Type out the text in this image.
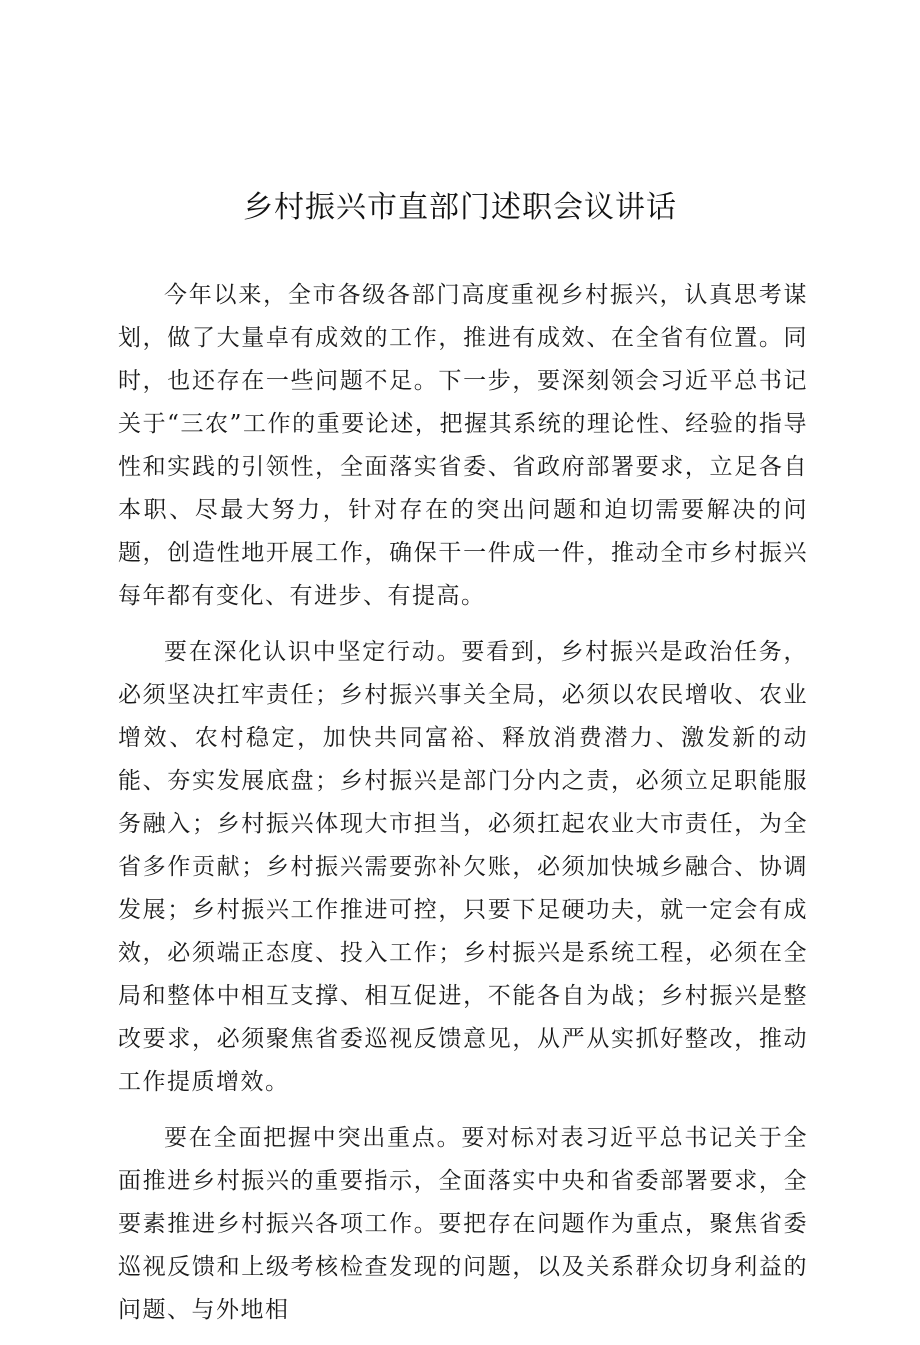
乡村振兴市直部门述职会议讲话

今年以来，全市各级各部门高度重视乡村振兴，认真思考谋划，做了大量卓有成效的工作，推进有成效、在全省有位置。同时，也还存在一些问题不足。下一步，要深刻领会习近平总书记关于“三农”工作的重要论述，把握其系统的理论性、经验的指导性和实践的引领性，全面落实省委、省政府部署要求，立足各自本职、尽最大努力，针对存在的突出问题和迫切需要解决的问题，创造性地开展工作，确保干一件成一件，推动全市乡村振兴每年都有变化、有进步、有提高。

要在深化认识中坚定行动。要看到，乡村振兴是政治任务，必须坚决扛牢责任；乡村振兴事关全局，必须以农民增收、农业增效、农村稳定，加快共同富裕、释放消费潜力、激发新的动能、夯实发展底盘；乡村振兴是部门分内之责，必须立足职能服务融入；乡村振兴体现大市担当，必须扛起农业大市责任，为全省多作贡献；乡村振兴需要弥补欠账，必须加快城乡融合、协调发展；乡村振兴工作推进可控，只要下足硬功夫，就一定会有成效，必须端正态度、投入工作；乡村振兴是系统工程，必须在全局和整体中相互支撑、相互促进，不能各自为战；乡村振兴是整改要求，必须聚焦省委巡视反馈意见，从严从实抓好整改，推动工作提质增效。

要在全面把握中突出重点。要对标对表习近平总书记关于全面推进乡村振兴的重要指示，全面落实中央和省委部署要求，全要素推进乡村振兴各项工作。要把存在问题作为重点，聚焦省委巡视反馈和上级考核检查发现的问题，以及关系群众切身利益的问题、与外地相
